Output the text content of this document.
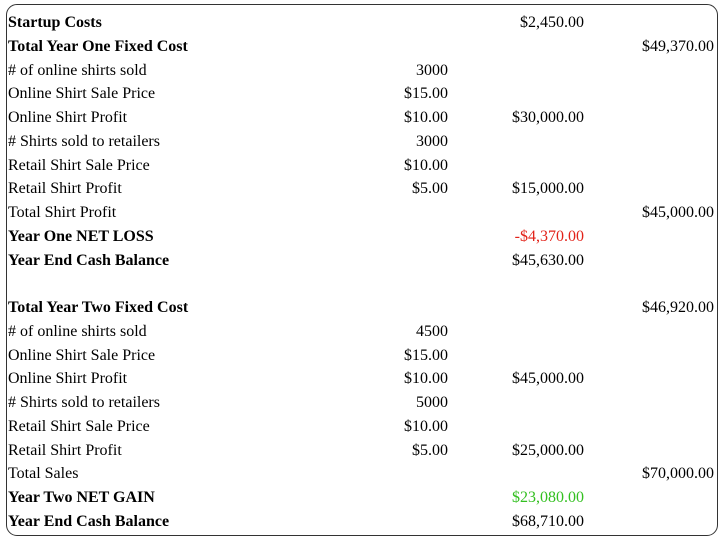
Startup Costs		$2,450.00	
Total Year One Fixed Cost			$49,370.00
# of online shirts sold	3000		
Online Shirt Sale Price	$15.00		
Online Shirt Profit	$10.00	$30,000.00	
# Shirts sold to retailers	3000		
Retail Shirt Sale Price	$10.00		
Retail Shirt Profit	$5.00	$15,000.00	
Total Shirt Profit			$45,000.00
Year One NET LOSS		-$4,370.00	
Year End Cash Balance		$45,630.00	

Total Year Two Fixed Cost			$46,920.00
# of online shirts sold	4500		
Online Shirt Sale Price	$15.00		
Online Shirt Profit	$10.00	$45,000.00	
# Shirts sold to retailers	5000		
Retail Shirt Sale Price	$10.00		
Retail Shirt Profit	$5.00	$25,000.00	
Total Sales			$70,000.00
Year Two NET GAIN		$23,080.00	
Year End Cash Balance		$68,710.00	
